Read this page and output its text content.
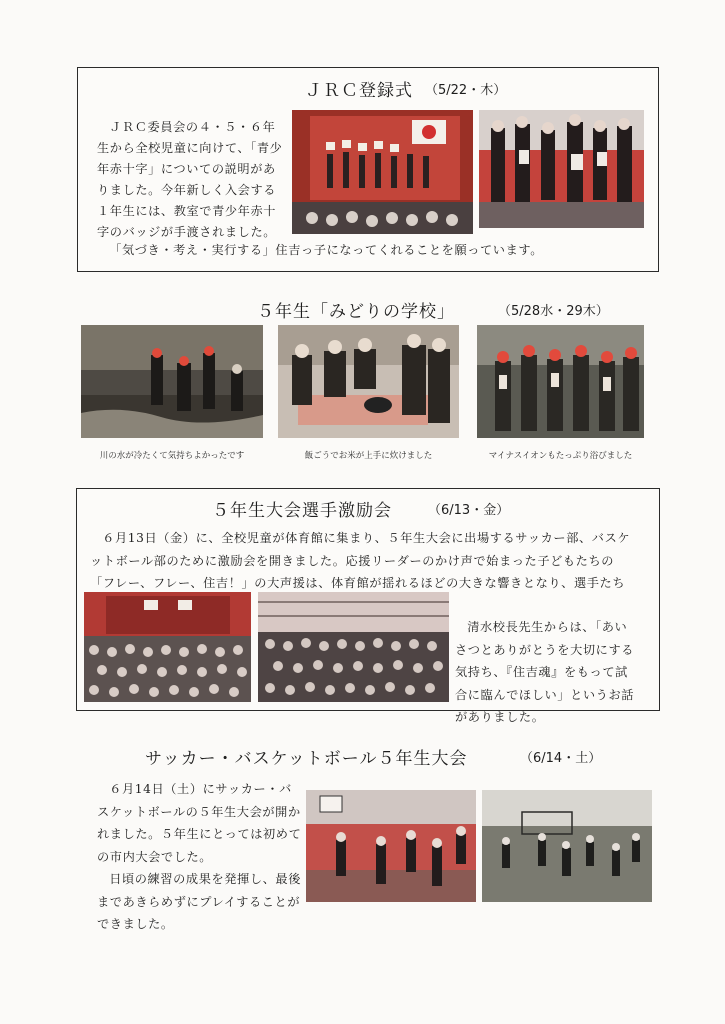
ＪＲＣ登録式 （5/22・木）

ＪＲＣ委員会の４・５・６年生から全校児童に向けて、「青少年赤十字」についての説明がありました。今年新しく入会する１年生には、教室で青少年赤十字のバッジが手渡されました。

「気づき・考え・実行する」住吉っ子になってくれることを願っています。

５年生「みどりの学校」	（5/28水・29木）
川の水が冷たくて気持ちよかったです	飯ごうでお米が上手に炊けました	マイナスイオンもたっぷり浴びました
５年生大会選手激励会	（6/13・金）

６月13日（金）に、全校児童が体育館に集まり、５年生大会に出場するサッカー部、バスケットボール部のために激励会を開きました。応援リーダーのかけ声で始まった子どもたちの「フレー、フレー、住吉！」の大声援は、体育館が揺れるほどの大きな響きとなり、選手たち

清水校長先生からは、「あいさつとありがとうを大切にする気持ち、『住吉魂』をもって試合に臨んでほしい」というお話がありました。

サッカー・バスケットボール５年生大会	（6/14・土）

６月14日（土）にサッカー・バスケットボールの５年生大会が開かれました。５年生にとっては初めての市内大会でした。

日頃の練習の成果を発揮し、最後まであきらめずにプレイすることができました。
